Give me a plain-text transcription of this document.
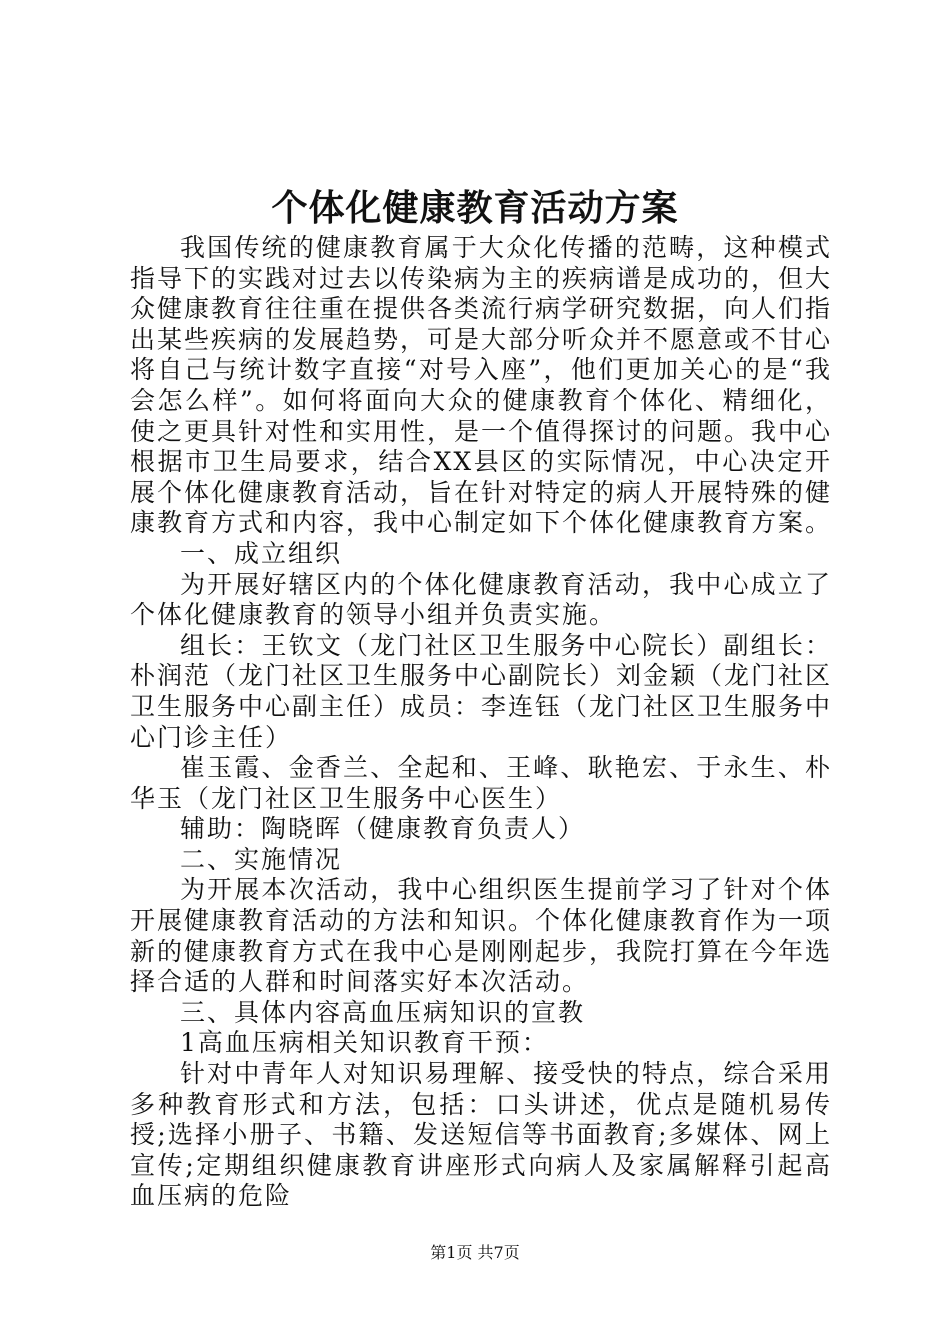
个体化健康教育活动方案

我国传统的健康教育属于大众化传播的范畴，这种模式指导下的实践对过去以传染病为主的疾病谱是成功的，但大众健康教育往往重在提供各类流行病学研究数据，向人们指出某些疾病的发展趋势，可是大部分听众并不愿意或不甘心将自己与统计数字直接“对号入座”，他们更加关心的是“我会怎么样”。如何将面向大众的健康教育个体化、精细化，使之更具针对性和实用性，是一个值得探讨的问题。我中心根据市卫生局要求，结合XX县区的实际情况，中心决定开展个体化健康教育活动，旨在针对特定的病人开展特殊的健康教育方式和内容，我中心制定如下个体化健康教育方案。

一、成立组织

为开展好辖区内的个体化健康教育活动，我中心成立了个体化健康教育的领导小组并负责实施。

组长：王钦文（龙门社区卫生服务中心院长）副组长：朴润范（龙门社区卫生服务中心副院长）刘金颖（龙门社区卫生服务中心副主任）成员：李连钰（龙门社区卫生服务中心门诊主任）

崔玉霞、金香兰、全起和、王峰、耿艳宏、于永生、朴华玉（龙门社区卫生服务中心医生）

辅助：陶晓晖（健康教育负责人）

二、实施情况

为开展本次活动，我中心组织医生提前学习了针对个体开展健康教育活动的方法和知识。个体化健康教育作为一项新的健康教育方式在我中心是刚刚起步，我院打算在今年选择合适的人群和时间落实好本次活动。

三、具体内容高血压病知识的宣教

1高血压病相关知识教育干预：

针对中青年人对知识易理解、接受快的特点，综合采用多种教育形式和方法，包括：口头讲述，优点是随机易传授;选择小册子、书籍、发送短信等书面教育;多媒体、网上宣传;定期组织健康教育讲座形式向病人及家属解释引起高血压病的危险

第1页 共7页
